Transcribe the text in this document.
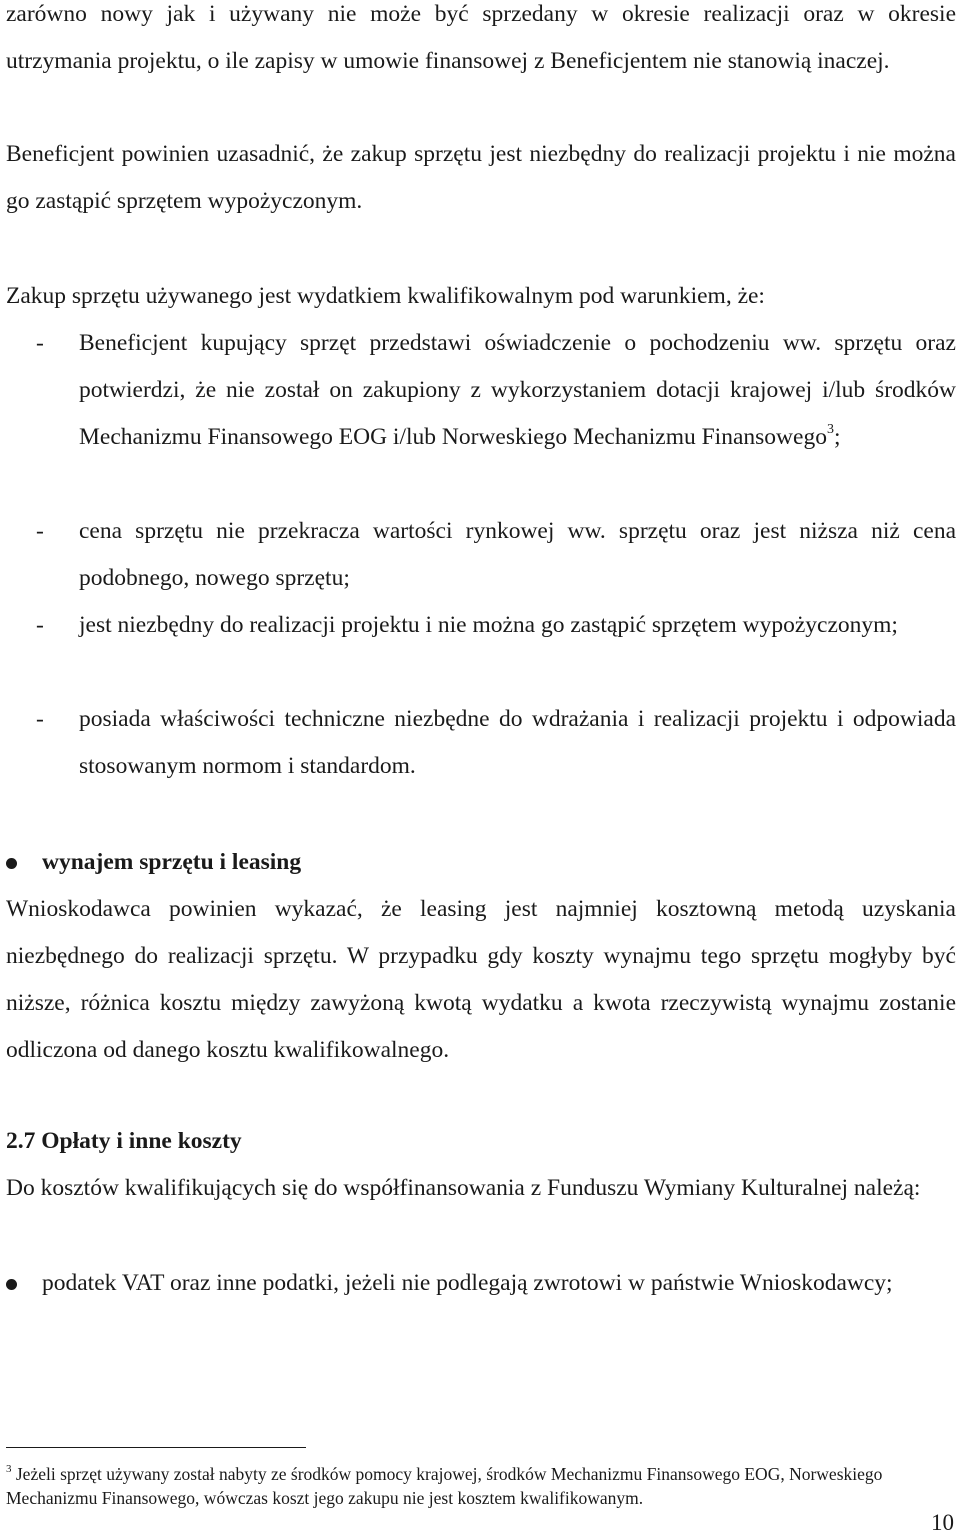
zarówno nowy jak i używany nie może być sprzedany w okresie realizacji oraz w okresie utrzymania projektu, o ile zapisy w umowie finansowej z Beneficjentem nie stanowią inaczej.
Beneficjent powinien uzasadnić, że zakup sprzętu jest niezbędny do realizacji projektu i nie można go zastąpić sprzętem wypożyczonym.
Zakup sprzętu używanego jest wydatkiem kwalifikowalnym pod warunkiem, że:
- Beneficjent kupujący sprzęt przedstawi oświadczenie o pochodzeniu ww. sprzętu oraz potwierdzi, że nie został on zakupiony z wykorzystaniem dotacji krajowej i/lub środków Mechanizmu Finansowego EOG i/lub Norweskiego Mechanizmu Finansowego$^3$;
- cena sprzętu nie przekracza wartości rynkowej ww. sprzętu oraz jest niższa niż cena podobnego, nowego sprzętu;
- jest niezbędny do realizacji projektu i nie można go zastąpić sprzętem wypożyczonym;
- posiada właściwości techniczne niezbędne do wdrażania i realizacji projektu i odpowiada stosowanym normom i standardom.
wynajem sprzętu i leasing
Wnioskodawca powinien wykazać, że leasing jest najmniej kosztowną metodą uzyskania niezbędnego do realizacji sprzętu. W przypadku gdy koszty wynajmu tego sprzętu mogłyby być niższe, różnica kosztu między zawyżoną kwotą wydatku a kwota rzeczywistą wynajmu zostanie odliczona od danego kosztu kwalifikowalnego.
2.7 Opłaty i inne koszty
Do kosztów kwalifikujących się do współfinansowania z Funduszu Wymiany Kulturalnej należą:
podatek VAT oraz inne podatki, jeżeli nie podlegają zwrotowi w państwie Wnioskodawcy;
$^3$ Jeżeli sprzęt używany został nabyty ze środków pomocy krajowej, środków Mechanizmu Finansowego EOG, Norweskiego Mechanizmu Finansowego, wówczas koszt jego zakupu nie jest kosztem kwalifikowanym.
10
